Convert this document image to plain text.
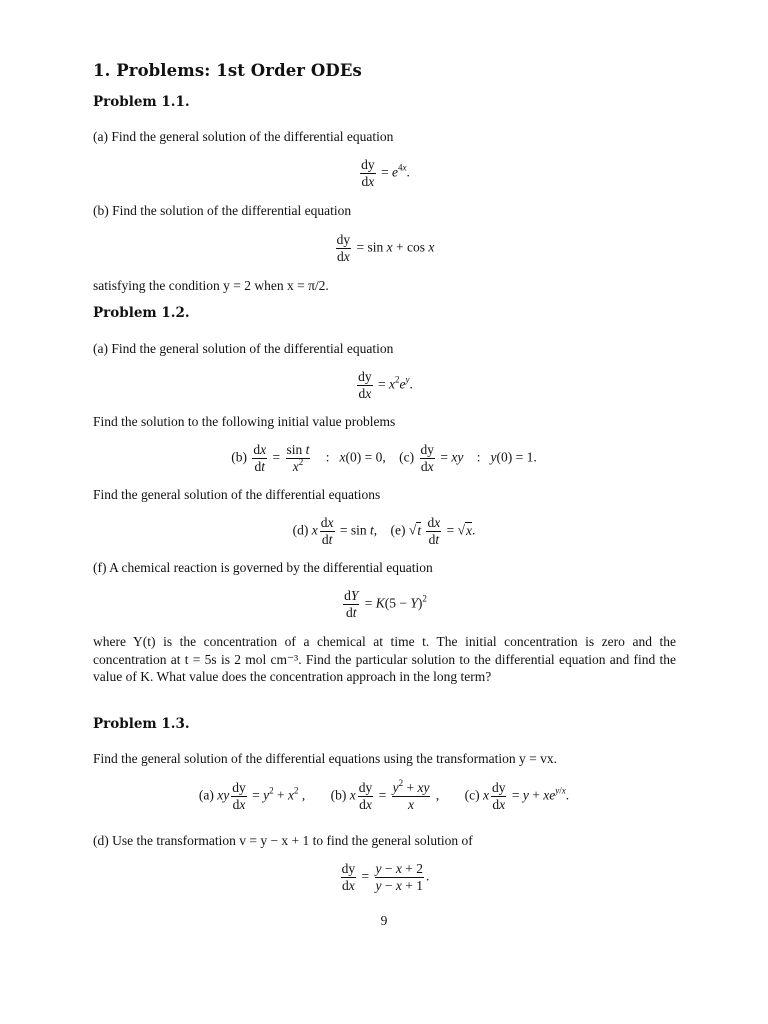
1. Problems: 1st Order ODEs
Problem 1.1.
(a) Find the general solution of the differential equation
$\frac{dy}{dx} = e^{4x}$.
(b) Find the solution of the differential equation
$\frac{dy}{dx} = \sin x + \cos x$
satisfying the condition y = 2 when x = π/2.
Problem 1.2.
(a) Find the general solution of the differential equation
$\frac{dy}{dx} = x^2e^y$.
Find the solution to the following initial value problems
$(b) \frac{dx}{dt} = \frac{\text{sin t}}{x^2}$ : x(0) = 0, $(c) \frac{dy}{dx}$ = xy : y(0) = 1.
Find the general solution of the differential equations
(d) x $\frac{dx}{dt} = \sin t$, (e) $√t \frac{dx}{dt} = √x$.
(f) A chemical reaction is governed by the differential equation
$\frac{dY}{dt} = K(5 - Y)^2$
where Y(t) is the concentration of a chemical at time t. The initial concentration is zero and the concentration at t = 5s is 2 mol cm⁻³. Find the particular solution to the differential equation and find the value of K. What value does the concentration approach in the long term?
Problem 1.3.
Find the general solution of the differential equations using the transformation y = vx.
(a) xy $\frac{dy}{dx} = y^2 + x^2$ , (b) x $\frac{dy}{dx} = \frac{y^2 + xy}{x}$ , (c) x $\frac{dy}{dx} = y + xe^{y/x}$.
(d) Use the transformation v = y − x + 1 to find the general solution of
$\frac{dy}{dx} = \frac{y - x + 2}{y - x + 1}$ .
9
